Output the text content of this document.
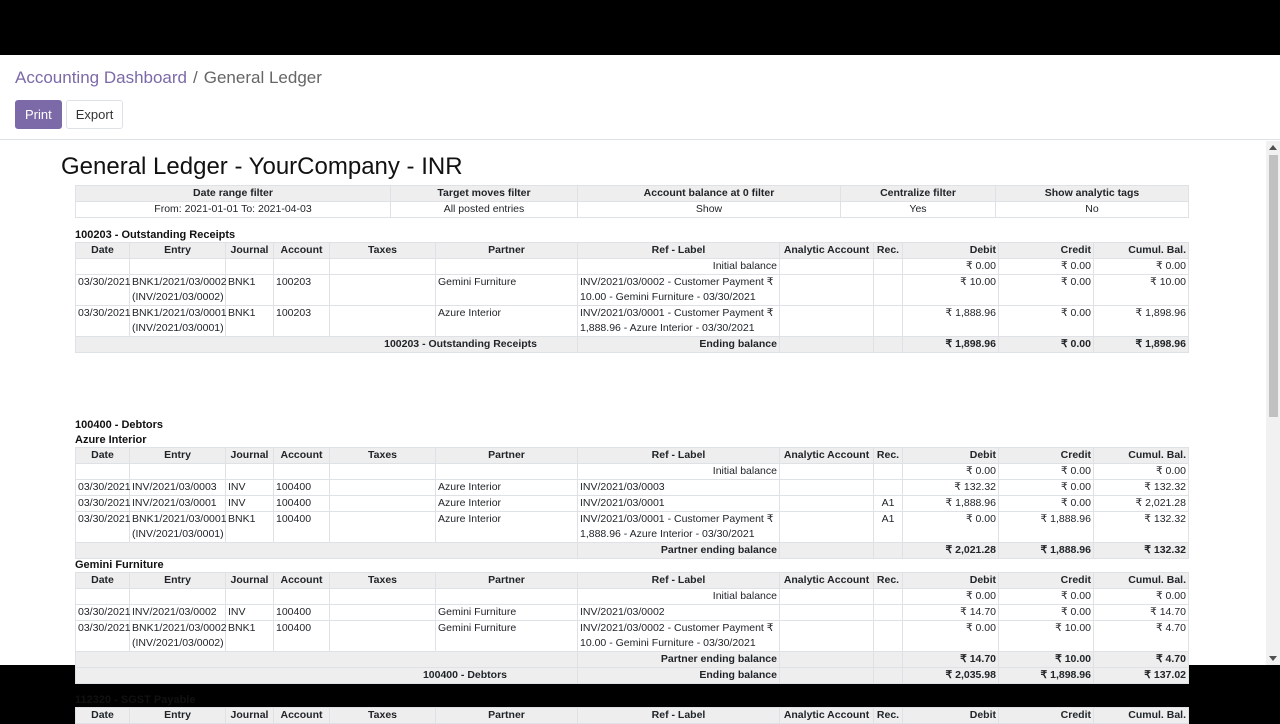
Accounting Dashboard / General Ledger
Print	Export
General Ledger - YourCompany - INR
Date range filter	Target moves filter	Account balance at 0 filter	Centralize filter	Show analytic tags
From: 2021-01-01 To: 2021-04-03	All posted entries	Show	Yes	No
100203 - Outstanding Receipts
Date	Entry	Journal	Account	Taxes	Partner	Ref - Label	Analytic Account	Rec.	Debit	Credit	Cumul. Bal.
						Initial balance			₹ 0.00	₹ 0.00	₹ 0.00
03/30/2021	BNK1/2021/03/0002 (INV/2021/03/0002)	BNK1	100203		Gemini Furniture	INV/2021/03/0002 - Customer Payment ₹ 10.00 - Gemini Furniture - 03/30/2021			₹ 10.00	₹ 0.00	₹ 10.00
03/30/2021	BNK1/2021/03/0001 (INV/2021/03/0001)	BNK1	100203		Azure Interior	INV/2021/03/0001 - Customer Payment ₹ 1,888.96 - Azure Interior - 03/30/2021			₹ 1,888.96	₹ 0.00	₹ 1,898.96
100203 - Outstanding Receipts						Ending balance			₹ 1,898.96	₹ 0.00	₹ 1,898.96
100400 - Debtors
Azure Interior
Date	Entry	Journal	Account	Taxes	Partner	Ref - Label	Analytic Account	Rec.	Debit	Credit	Cumul. Bal.
						Initial balance			₹ 0.00	₹ 0.00	₹ 0.00
03/30/2021	INV/2021/03/0003	INV	100400		Azure Interior	INV/2021/03/0003			₹ 132.32	₹ 0.00	₹ 132.32
03/30/2021	INV/2021/03/0001	INV	100400		Azure Interior	INV/2021/03/0001		A1	₹ 1,888.96	₹ 0.00	₹ 2,021.28
03/30/2021	BNK1/2021/03/0001 (INV/2021/03/0001)	BNK1	100400		Azure Interior	INV/2021/03/0001 - Customer Payment ₹ 1,888.96 - Azure Interior - 03/30/2021		A1	₹ 0.00	₹ 1,888.96	₹ 132.32
						Partner ending balance			₹ 2,021.28	₹ 1,888.96	₹ 132.32
Gemini Furniture
Date	Entry	Journal	Account	Taxes	Partner	Ref - Label	Analytic Account	Rec.	Debit	Credit	Cumul. Bal.
						Initial balance			₹ 0.00	₹ 0.00	₹ 0.00
03/30/2021	INV/2021/03/0002	INV	100400		Gemini Furniture	INV/2021/03/0002			₹ 14.70	₹ 0.00	₹ 14.70
03/30/2021	BNK1/2021/03/0002 (INV/2021/03/0002)	BNK1	100400		Gemini Furniture	INV/2021/03/0002 - Customer Payment ₹ 10.00 - Gemini Furniture - 03/30/2021			₹ 0.00	₹ 10.00	₹ 4.70
						Partner ending balance			₹ 14.70	₹ 10.00	₹ 4.70
100400 - Debtors						Ending balance			₹ 2,035.98	₹ 1,898.96	₹ 137.02
112320 - SGST Payable
Date	Entry	Journal	Account	Taxes	Partner	Ref - Label	Analytic Account	Rec.	Debit	Credit	Cumul. Bal.
